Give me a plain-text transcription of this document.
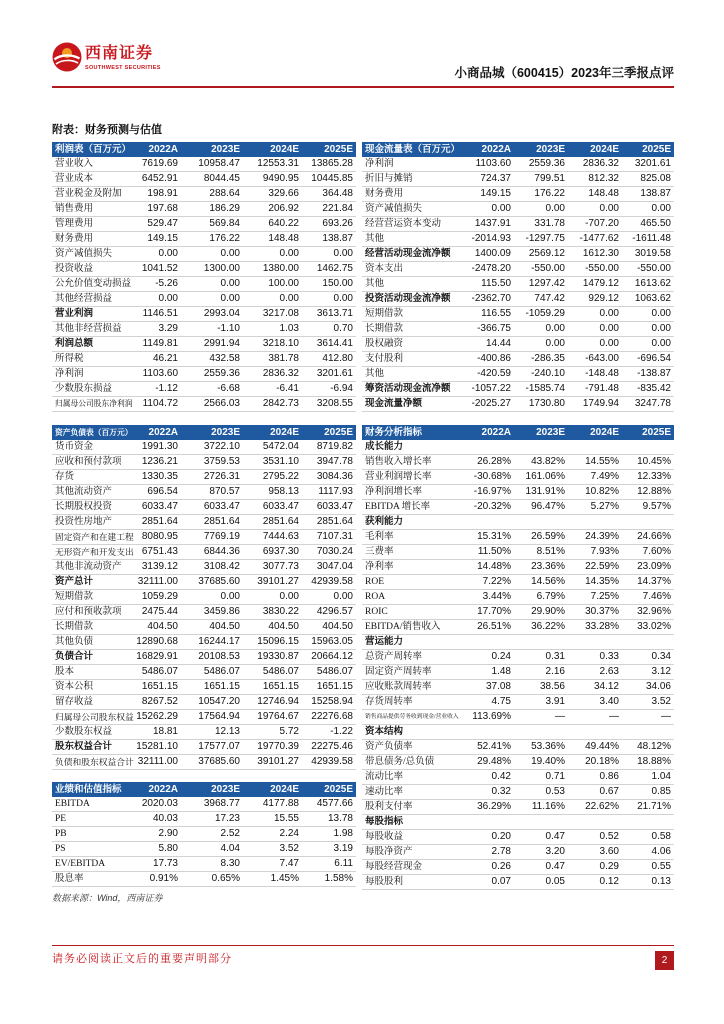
西南证券
SOUTHWEST SECURITIES	小商品城（600415）2023年三季报点评
附表：财务预测与估值
利润表（百万元）	2022A	2023E	2024E	2025E
营业收入	7619.69	10958.47	12553.31	13865.28
营业成本	6452.91	8044.45	9490.95	10445.85
营业税金及附加	198.91	288.64	329.66	364.48
销售费用	197.68	186.29	206.92	221.84
管理费用	529.47	569.84	640.22	693.26
财务费用	149.15	176.22	148.48	138.87
资产减值损失	0.00	0.00	0.00	0.00
投资收益	1041.52	1300.00	1380.00	1462.75
公允价值变动损益	-5.26	0.00	100.00	150.00
其他经营损益	0.00	0.00	0.00	0.00
营业利润	1146.51	2993.04	3217.08	3613.71
其他非经营损益	3.29	-1.10	1.03	0.70
利润总额	1149.81	2991.94	3218.10	3614.41
所得税	46.21	432.58	381.78	412.80
净利润	1103.60	2559.36	2836.32	3201.61
少数股东损益	-1.12	-6.68	-6.41	-6.94
归属母公司股东净利润	1104.72	2566.03	2842.73	3208.55
现金流量表（百万元）	2022A	2023E	2024E	2025E
净利润	1103.60	2559.36	2836.32	3201.61
折旧与摊销	724.37	799.51	812.32	825.08
财务费用	149.15	176.22	148.48	138.87
资产减值损失	0.00	0.00	0.00	0.00
经营营运资本变动	1437.91	331.78	-707.20	465.50
其他	-2014.93	-1297.75	-1477.62	-1611.48
经营活动现金流净额	1400.09	2569.12	1612.30	3019.58
资本支出	-2478.20	-550.00	-550.00	-550.00
其他	115.50	1297.42	1479.12	1613.62
投资活动现金流净额	-2362.70	747.42	929.12	1063.62
短期借款	116.55	-1059.29	0.00	0.00
长期借款	-366.75	0.00	0.00	0.00
股权融资	14.44	0.00	0.00	0.00
支付股利	-400.86	-286.35	-643.00	-696.54
其他	-420.59	-240.10	-148.48	-138.87
筹资活动现金流净额	-1057.22	-1585.74	-791.48	-835.42
现金流量净额	-2025.27	1730.80	1749.94	3247.78
资产负债表（百万元）	2022A	2023E	2024E	2025E
货币资金	1991.30	3722.10	5472.04	8719.82
应收和预付款项	1236.21	3759.53	3531.10	3947.78
存货	1330.35	2726.31	2795.22	3084.36
其他流动资产	696.54	870.57	958.13	1117.93
长期股权投资	6033.47	6033.47	6033.47	6033.47
投资性房地产	2851.64	2851.64	2851.64	2851.64
固定资产和在建工程 8080.95	7769.19	7444.63	7107.31
无形资产和开发支出 6751.43	6844.36	6937.30	7030.24
其他非流动资产	3139.12	3108.42	3077.73	3047.04
资产总计	32111.00	37685.60	39101.27	42939.58
短期借款	1059.29	0.00	0.00	0.00
应付和预收款项	2475.44	3459.86	3830.22	4296.57
长期借款	404.50	404.50	404.50	404.50
其他负债	12890.68	16244.17	15096.15	15963.05
负债合计	16829.91	20108.53	19330.87	20664.12
股本	5486.07	5486.07	5486.07	5486.07
资本公积	1651.15	1651.15	1651.15	1651.15
留存收益	8267.52	10547.20	12746.94	15258.94
归属母公司股东权益 15262.29	17564.94	19764.67	22276.68
少数股东权益	18.81	12.13	5.72	-1.22
股东权益合计	15281.10	17577.07	19770.39	22275.46
负债和股东权益合计 32111.00	37685.60	39101.27	42939.58
财务分析指标	2022A	2023E	2024E	2025E
成长能力
销售收入增长率	26.28%	43.82%	14.55%	10.45%
营业利润增长率	-30.68%	161.06%	7.49%	12.33%
净利润增长率	-16.97%	131.91%	10.82%	12.88%
EBITDA 增长率	-20.32%	96.47%	5.27%	9.57%
获利能力
毛利率	15.31%	26.59%	24.39%	24.66%
三费率	11.50%	8.51%	7.93%	7.60%
净利率	14.48%	23.36%	22.59%	23.09%
ROE	7.22%	14.56%	14.35%	14.37%
ROA	3.44%	6.79%	7.25%	7.46%
ROIC	17.70%	29.90%	30.37%	32.96%
EBITDA/销售收入	26.51%	36.22%	33.28%	33.02%
营运能力
总资产周转率	0.24	0.31	0.33	0.34
固定资产周转率	1.48	2.16	2.63	3.12
应收账款周转率	37.08	38.56	34.12	34.06
存货周转率	4.75	3.91	3.40	3.52
销售商品提供劳务收到现金/营业收入	113.69%	—	—	—
资本结构
资产负债率	52.41%	53.36%	49.44%	48.12%
带息债务/总负债	29.48%	19.40%	20.18%	18.88%
流动比率	0.42	0.71	0.86	1.04
速动比率	0.32	0.53	0.67	0.85
股利支付率	36.29%	11.16%	22.62%	21.71%
每股指标
每股收益	0.20	0.47	0.52	0.58
每股净资产	2.78	3.20	3.60	4.06
每股经营现金	0.26	0.47	0.29	0.55
每股股利	0.07	0.05	0.12	0.13
业绩和估值指标	2022A	2023E	2024E	2025E
EBITDA	2020.03	3968.77	4177.88	4577.66
PE	40.03	17.23	15.55	13.78
PB	2.90	2.52	2.24	1.98
PS	5.80	4.04	3.52	3.19
EV/EBITDA	17.73	8.30	7.47	6.11
股息率	0.91%	0.65%	1.45%	1.58%
数据来源：Wind，西南证券
请务必阅读正文后的重要声明部分	2
